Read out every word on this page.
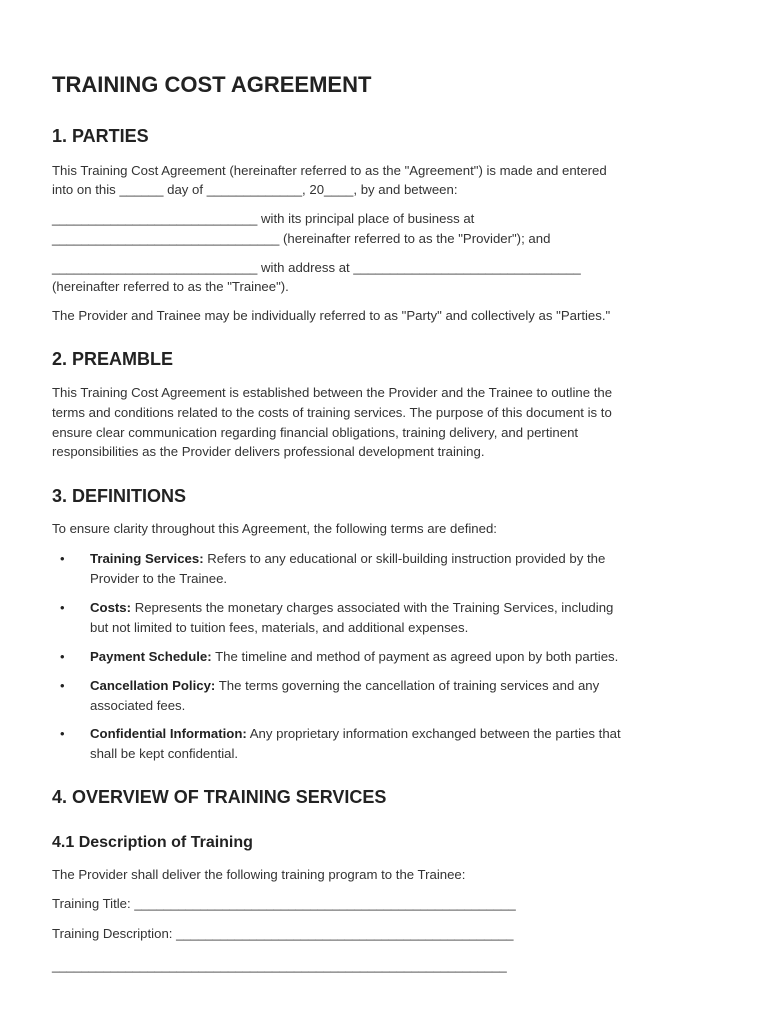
TRAINING COST AGREEMENT
1. PARTIES

This Training Cost Agreement (hereinafter referred to as the "Agreement") is made and entered

into on this ______ day of _____________, 20____, by and between:

____________________________ with its principal place of business at

_______________________________ (hereinafter referred to as the "Provider"); and

____________________________ with address at _______________________________

(hereinafter referred to as the "Trainee").

The Provider and Trainee may be individually referred to as "Party" and collectively as "Parties."

2. PREAMBLE

This Training Cost Agreement is established between the Provider and the Trainee to outline the

terms and conditions related to the costs of training services. The purpose of this document is to

ensure clear communication regarding financial obligations, training delivery, and pertinent

responsibilities as the Provider delivers professional development training.

3. DEFINITIONS

To ensure clarity throughout this Agreement, the following terms are defined:

• Training Services: Refers to any educational or skill-building instruction provided by the
Provider to the Trainee.
• Costs: Represents the monetary charges associated with the Training Services, including
but not limited to tuition fees, materials, and additional expenses.
• Payment Schedule: The timeline and method of payment as agreed upon by both parties.
• Cancellation Policy: The terms governing the cancellation of training services and any
associated fees.
• Confidential Information: Any proprietary information exchanged between the parties that
shall be kept confidential.
4. OVERVIEW OF TRAINING SERVICES
4.1 Description of Training

The Provider shall deliver the following training program to the Trainee:

Training Title: ____________________________________________________

Training Description: ______________________________________________

______________________________________________________________
